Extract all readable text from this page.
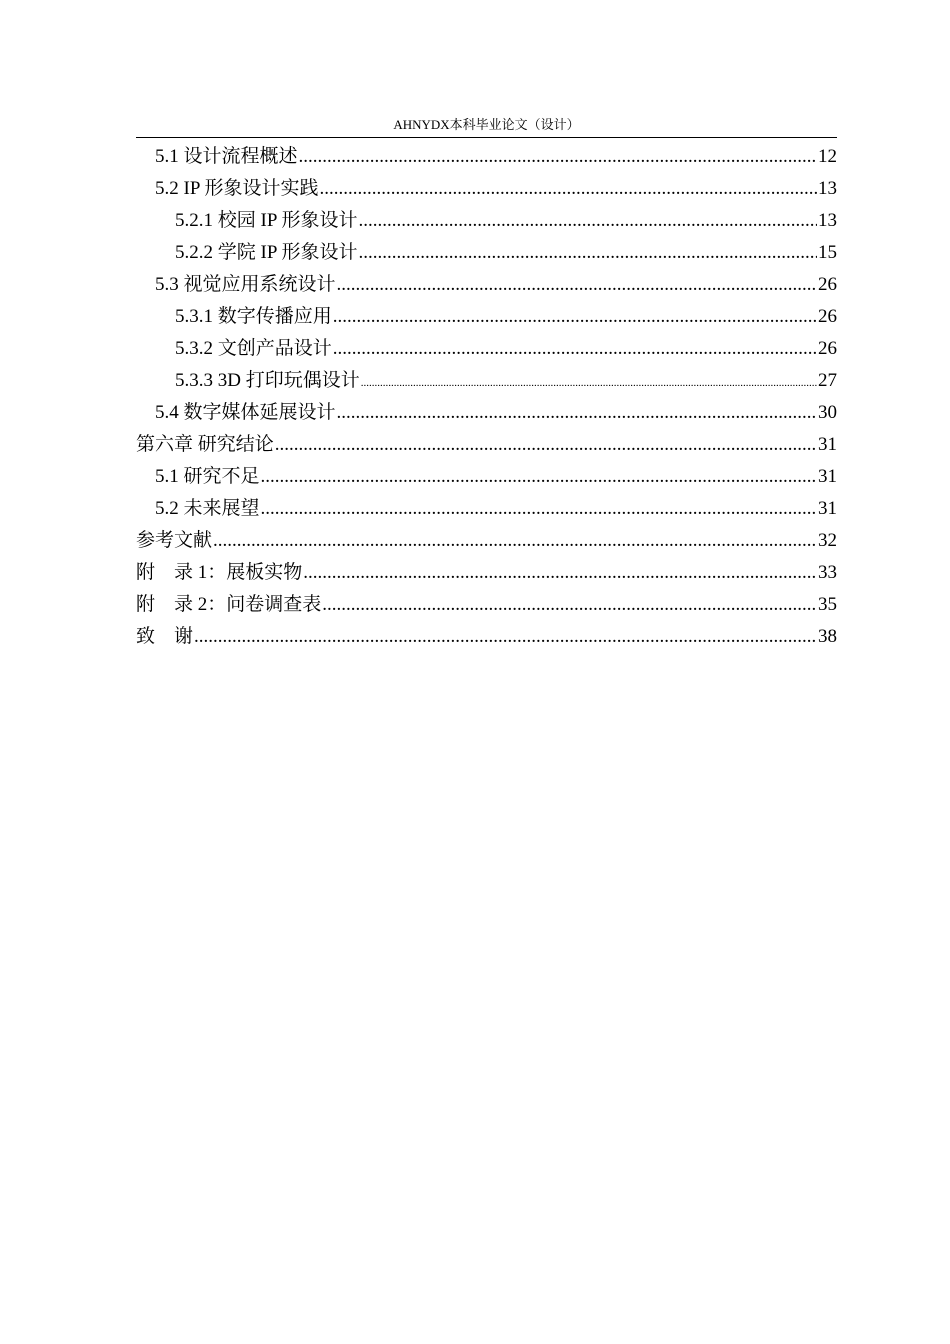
AHNYDX本科毕业论文（设计）
5.1 设计流程概述 .....	12
5.2 IP 形象设计实践 .....	13
5.2.1 校园 IP 形象设计 .....	13
5.2.2 学院 IP 形象设计 .....	15
5.3 视觉应用系统设计 .....	26
5.3.1 数字传播应用 .....	26
5.3.2 文创产品设计 .....	26
5.3.3 3D 打印玩偶设计 .....	27
5.4 数字媒体延展设计 .....	30
第六章 研究结论 .....	31
5.1 研究不足 .....	31
5.2 未来展望 .....	31
参考文献 .....	32
附　录 1：展板实物 .....	33
附　录 2：问卷调查表 .....	35
致　谢 .....	38
